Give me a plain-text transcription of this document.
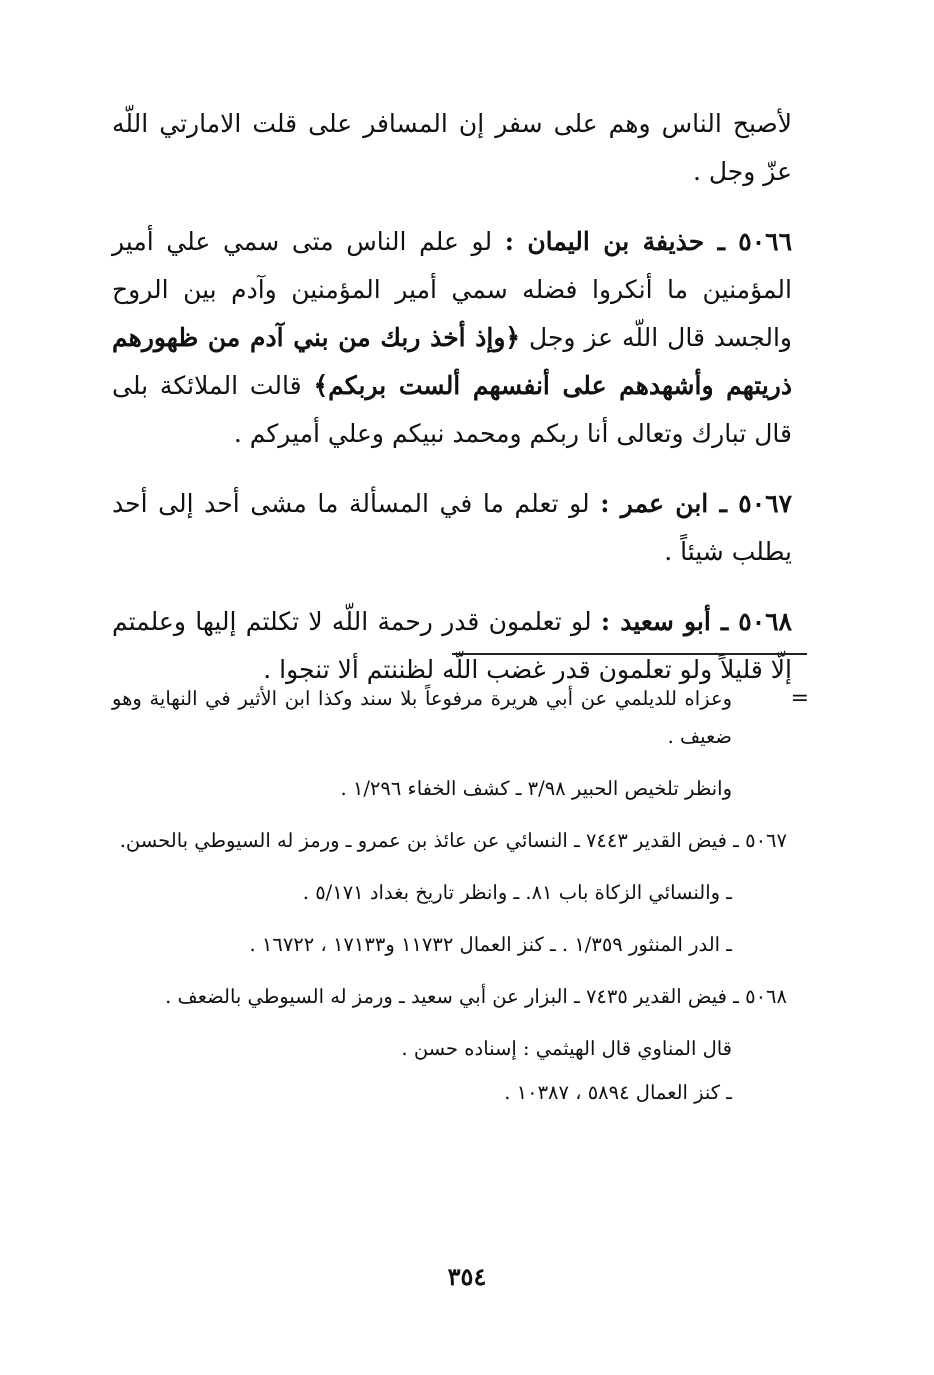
لأصبح الناس وهم على سفر إن المسافر على قلت الامارتي اللّه عزّ وجل .

٥٠٦٦ ـ حذيفة بن اليمان : لو علم الناس متى سمي علي أمير المؤمنين ما أنكروا فضله سمي أمير المؤمنين وآدم بين الروح والجسد قال اللّه عز وجل ﴿وإذ أخذ ربك من بني آدم من ظهورهم ذريتهم وأشهدهم على أنفسهم ألست بربكم﴾ قالت الملائكة بلى قال تبارك وتعالى أنا ربكم ومحمد نبيكم وعلي أميركم .

٥٠٦٧ ـ ابن عمر : لو تعلم ما في المسألة ما مشى أحد إلى أحد يطلب شيئاً .

٥٠٦٨ ـ أبو سعيد : لو تعلمون قدر رحمة اللّه لا تكلتم إليها وعلمتم إلّا قليلاً ولو تعلمون قدر غضب اللّه لظننتم ألا تنجوا .

=

وعزاه للديلمي عن أبي هريرة مرفوعاً بلا سند وكذا ابن الأثير في النهاية وهو ضعيف .

وانظر تلخيص الحبير ٣/٩٨ ـ كشف الخفاء ١/٢٩٦ .

٥٠٦٧ ـ فيض القدير ٧٤٤٣ ـ النسائي عن عائذ بن عمرو ـ ورمز له السيوطي بالحسن.

ـ والنسائي الزكاة باب ٨١. ـ وانظر تاريخ بغداد ٥/١٧١ .

ـ الدر المنثور ١/٣٥٩ . ـ كنز العمال ١١٧٣٢ و١٧١٣٣ ، ١٦٧٢٢ .

٥٠٦٨ ـ فيض القدير ٧٤٣٥ ـ البزار عن أبي سعيد ـ ورمز له السيوطي بالضعف .

قال المناوي قال الهيثمي : إسناده حسن .

ـ كنز العمال ٥٨٩٤ ، ١٠٣٨٧ .

٣٥٤
